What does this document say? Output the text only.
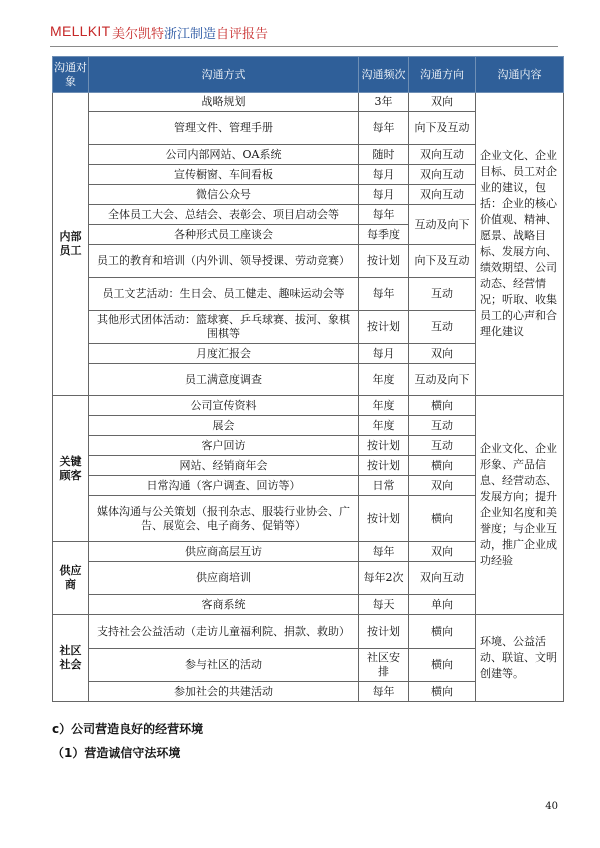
MELLKIT 美尔凯特浙江制造自评报告
沟通对象	沟通方式	沟通频次	沟通方向	沟通内容
内部员工	战略规划	3年	双向	企业文化、企业目标、员工对企业的建议，包括：企业的核心价值观、精神、愿景、战略目标、发展方向、绩效期望、公司动态、经营情况；听取、收集员工的心声和合理化建议
	管理文件、管理手册	每年	向下及互动	
	公司内部网站、OA系统	随时	双向互动	
	宣传橱窗、车间看板	每月	双向互动	
	微信公众号	每月	双向互动	
	全体员工大会、总结会、表彰会、项目启动会等	每年	互动及向下	
	各种形式员工座谈会	每季度		
	员工的教育和培训（内外训、领导授课、劳动竞赛）	按计划	向下及互动	
	员工文艺活动：生日会、员工健走、趣味运动会等	每年	互动	
	其他形式团体活动：篮球赛、乒乓球赛、拔河、象棋围棋等	按计划	互动	
	月度汇报会	每月	双向	
	员工满意度调查	年度	互动及向下	
关键顾客	公司宣传资料	年度	横向	企业文化、企业形象、产品信息、经营动态、发展方向；提升企业知名度和美誉度；与企业互动，推广企业成功经验
	展会	年度	互动	
	客户回访	按计划	互动	
	网站、经销商年会	按计划	横向	
	日常沟通（客户调查、回访等）	日常	双向	
	媒体沟通与公关策划（报刊杂志、服装行业协会、广告、展览会、电子商务、促销等）	按计划	横向	
供应商	供应商高层互访	每年	双向	
	供应商培训	每年2次	双向互动	
	客商系统	每天	单向	
社区社会	支持社会公益活动（走访儿童福利院、捐款、救助）	按计划	横向	环境、公益活动、联谊、文明创建等。
	参与社区的活动	社区安排	横向	
	参加社会的共建活动	每年	横向	
c）公司营造良好的经营环境
（1）营造诚信守法环境
40
